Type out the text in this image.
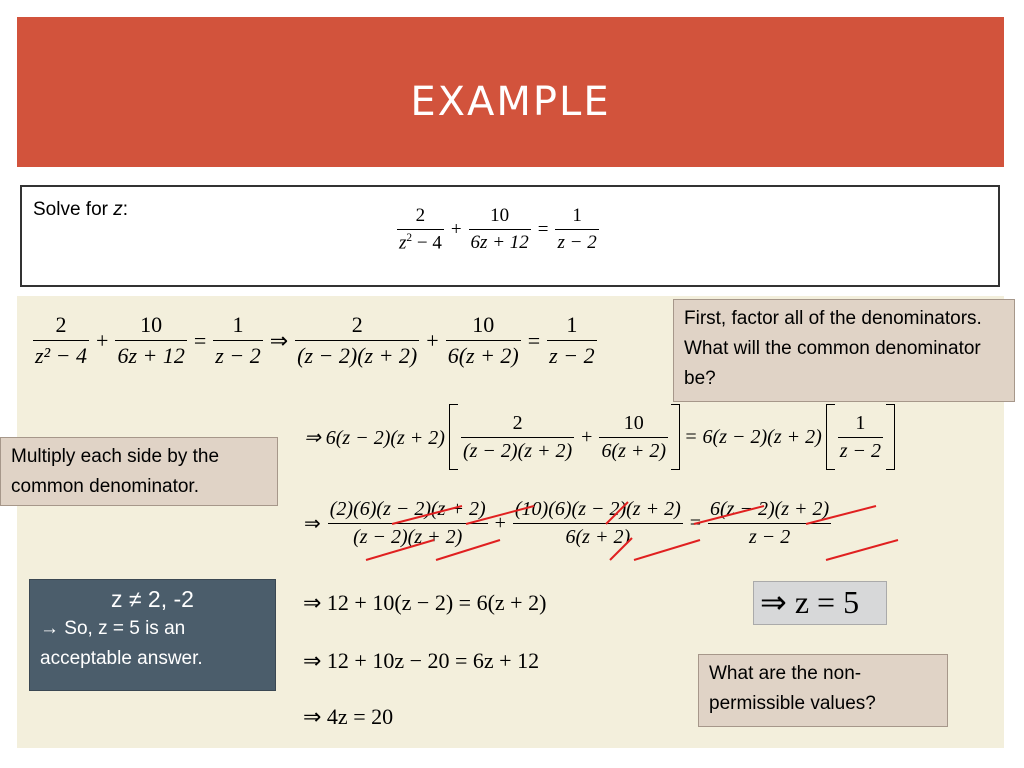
EXAMPLE
Solve for z:	$\frac{2}{z^2 - 4} + \frac{10}{6z + 12} = \frac{1}{z - 2}$
$\frac{2}{\text{z² − 4}} + \frac{10}{6z + 12} = \frac{1}{z - 2}$ ⇒ $\frac{2}{(z - 2)(z + 2)} + \frac{10}{6(z + 2)} = \frac{1}{z - 2}$
⇒ $6(z - 2)(z + 2) \frac{2}{(z - 2)(z + 2)} + \frac{10}{6(z + 2)} = 6(z - 2)(z + 2) \frac{1}{z - 2}$
⇒ $\frac{(2)(6)(z - 2)(z + 2)}{(z - 2)(z + 2)} + \frac{(10)(6)(z - 2)(z + 2)}{6(z + 2)} = \frac{6(z - 2)(z + 2)}{z - 2}$
⇒ 12 + 10(z − 2) = 6(z + 2)
⇒ 12 + 10z − 20 = 6z + 12
⇒ 4z = 20
⇒ z = 5
First, factor all of the denominators. What will the common denominator be?
Multiply each side by the common denominator.
What are the non-permissible values?
z ≠ 2, -2
→ So, z = 5 is an acceptable answer.
